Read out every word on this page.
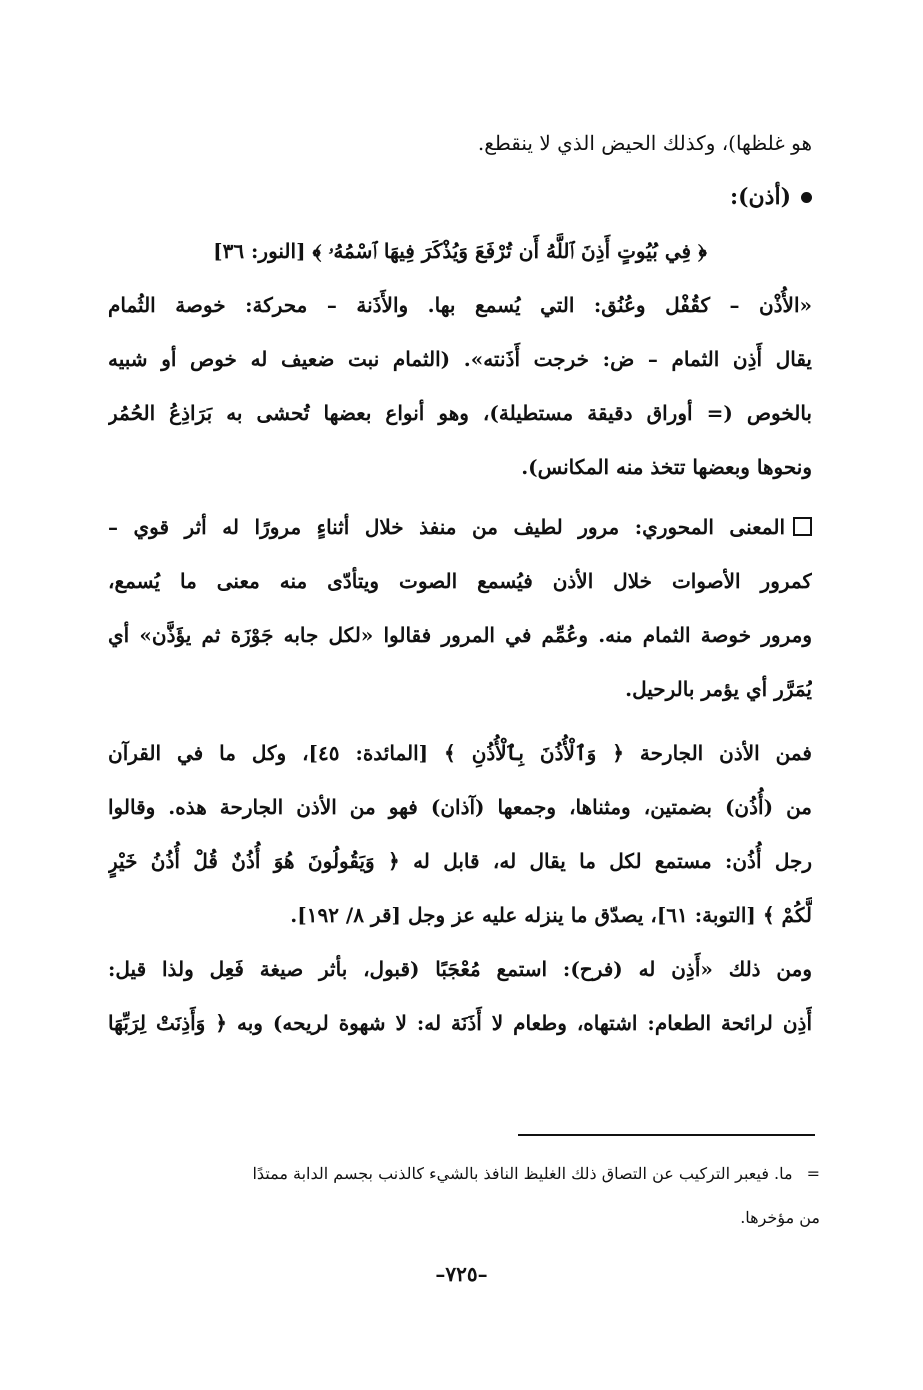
هو غلظها)، وكذلك الحيض الذي لا ينقطع.
(أذن):
﴿ فِي بُيُوتٍ أَذِنَ ٱللَّهُ أَن تُرْفَعَ وَيُذْكَرَ فِيهَا ٱسْمُهُۥ ﴾ [النور: ٣٦]
«الأُذْن – كقُفْل وعُنُق: التي يُسمع بها. والأَذَنة – محركة: خوصة الثُمام
يقال أَذِن الثمام – ض: خرجت أَذَنته». (الثمام نبت ضعيف له خوص أو شبيه
بالخوص (= أوراق دقيقة مستطيلة)، وهو أنواع بعضها تُحشى به بَرَاذِعُ الحُمُر
ونحوها وبعضها تتخذ منه المكانس).
المعنى المحوري: مرور لطيف من منفذ خلال أثناءٍ مرورًا له أثر قوي –
كمرور الأصوات خلال الأذن فيُسمع الصوت ويتأدّى منه معنى ما يُسمع،
ومرور خوصة الثمام منه. وعُمِّم في المرور فقالوا «لكل جابه جَوْزَة ثم يؤَذَّن» أي
يُمَرَّر أي يؤمر بالرحيل.
فمن الأذن الجارحة ﴿ وَٱلْأُذُنَ بِٱلْأُذُنِ ﴾ [المائدة: ٤٥]، وكل ما في القرآن
من (أُذُن) بضمتين، ومثناها، وجمعها (آذان) فهو من الأذن الجارحة هذه. وقالوا
رجل أُذُن: مستمع لكل ما يقال له، قابل له ﴿ وَيَقُولُونَ هُوَ أُذُنٌ قُلْ أُذُنُ خَيْرٍ
لَّكُمْ ﴾ [التوبة: ٦١]، يصدّق ما ينزله عليه عز وجل [قر ٨/ ١٩٢].
ومن ذلك «أَذِن له (فرح): استمع مُعْجَبًا (قبول، بأثر صيغة فَعِل ولذا قيل:
أَذِن لرائحة الطعام: اشتهاه، وطعام لا أَذَنَة له: لا شهوة لريحه) وبه ﴿ وَأَذِنَتْ لِرَبِّهَا
=ما. فيعبر التركيب عن التصاق ذلك الغليظ النافذ بالشيء كالذنب بجسم الدابة ممتدًا
من مؤخرها.
–٧٢٥–
